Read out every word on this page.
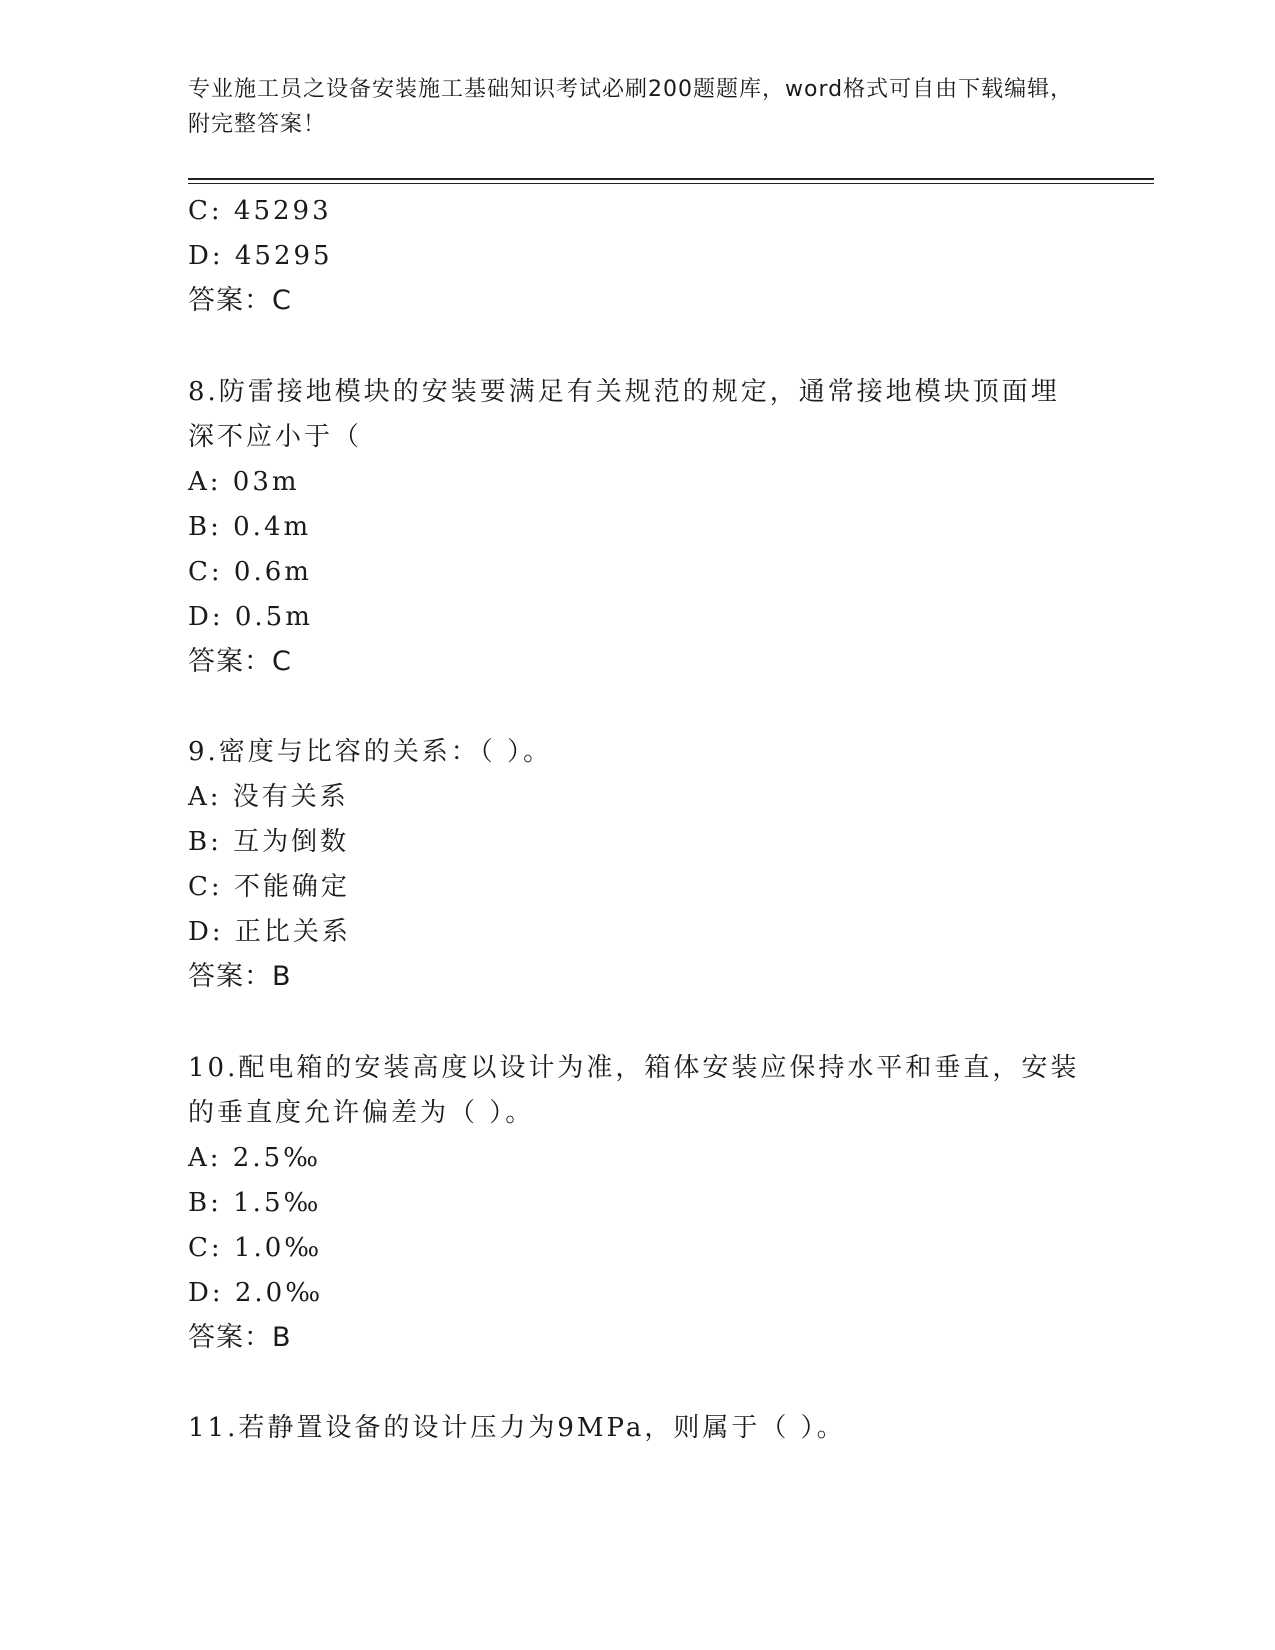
专业施工员之设备安装施工基础知识考试必刷200题题库，word格式可自由下载编辑，附完整答案！
C: 45293
D: 45295
答案：C
8.防雷接地模块的安装要满足有关规范的规定，通常接地模块顶面埋
深不应小于（
A: 03m
B: 0.4m
C: 0.6m
D: 0.5m
答案：C
9.密度与比容的关系：（ ）。
A: 没有关系
B: 互为倒数
C: 不能确定
D: 正比关系
答案：B
10.配电箱的安装高度以设计为准，箱体安装应保持水平和垂直，安装
的垂直度允许偏差为（ ）。
A: 2.5‰
B: 1.5‰
C: 1.0‰
D: 2.0‰
答案：B
11.若静置设备的设计压力为9MPa，则属于（ ）。
